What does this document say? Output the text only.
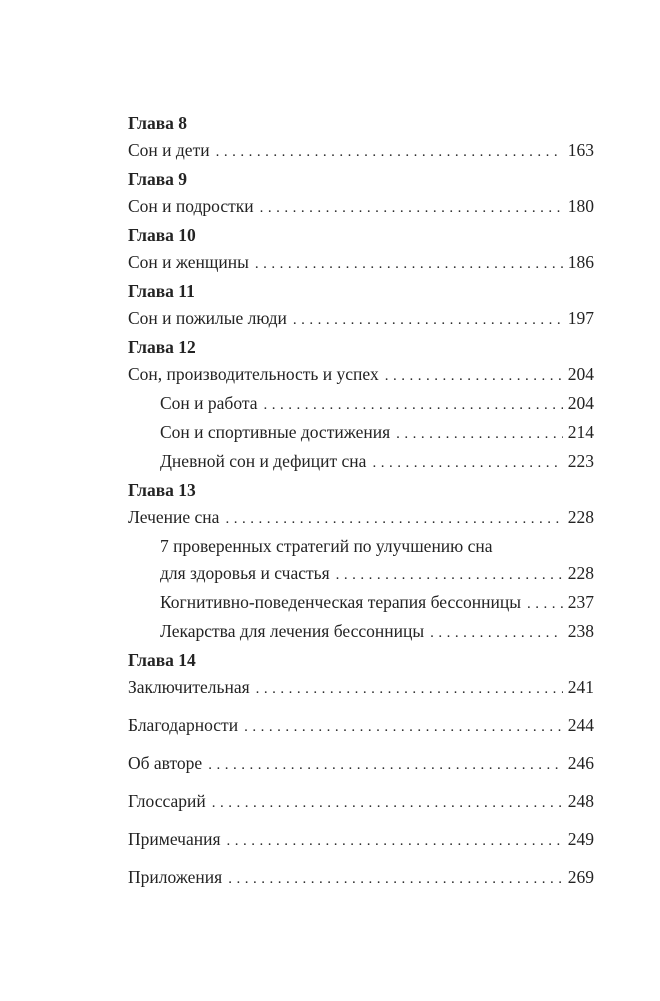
Глава 8
Сон и дети .....	163
Глава 9
Сон и подростки .....	180
Глава 10
Сон и женщины .....	186
Глава 11
Сон и пожилые люди .....	197
Глава 12
Сон, производительность и успех .....	204
Сон и работа .....	204
Сон и спортивные достижения .....	214
Дневной сон и дефицит сна .....	223
Глава 13
Лечение сна .....	228
7 проверенных стратегий по улучшению сна
для здоровья и счастья .....	228
Когнитивно-поведенческая терапия бессонницы .....	237
Лекарства для лечения бессонницы .....	238
Глава 14
Заключительная .....	241
Благодарности .....	244
Об авторе .....	246
Глоссарий .....	248
Примечания .....	249
Приложения .....	269
